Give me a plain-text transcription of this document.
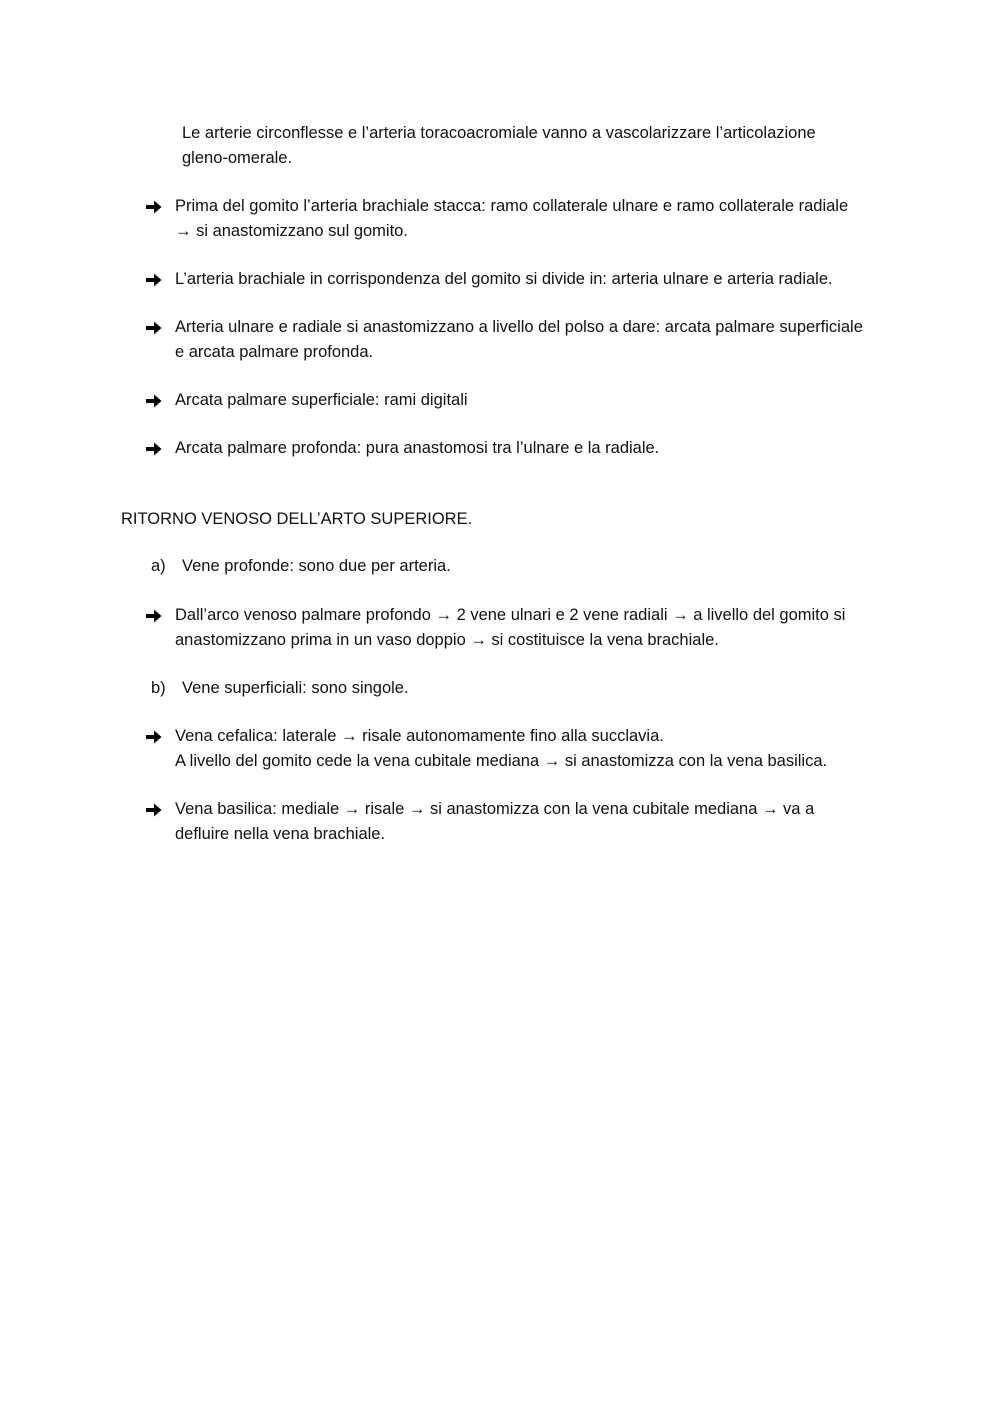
Le arterie circonflesse e l’arteria toracoacromiale vanno a vascolarizzare l’articolazione
gleno-omerale.
Prima del gomito l’arteria brachiale stacca: ramo collaterale ulnare e ramo collaterale radiale
→ si anastomizzano sul gomito.
L’arteria brachiale in corrispondenza del gomito si divide in: arteria ulnare e arteria radiale.
Arteria ulnare e radiale si anastomizzano a livello del polso a dare: arcata palmare superficiale
e arcata palmare profonda.
Arcata palmare superficiale: rami digitali
Arcata palmare profonda: pura anastomosi tra l’ulnare e la radiale.
RITORNO VENOSO DELL’ARTO SUPERIORE.
a) Vene profonde: sono due per arteria.
Dall’arco venoso palmare profondo → 2 vene ulnari e 2 vene radiali → a livello del gomito si
anastomizzano prima in un vaso doppio → si costituisce la vena brachiale.
b) Vene superficiali: sono singole.
Vena cefalica: laterale → risale autonomamente fino alla succlavia.
A livello del gomito cede la vena cubitale mediana → si anastomizza con la vena basilica.
Vena basilica: mediale → risale → si anastomizza con la vena cubitale mediana → va a
defluire nella vena brachiale.
